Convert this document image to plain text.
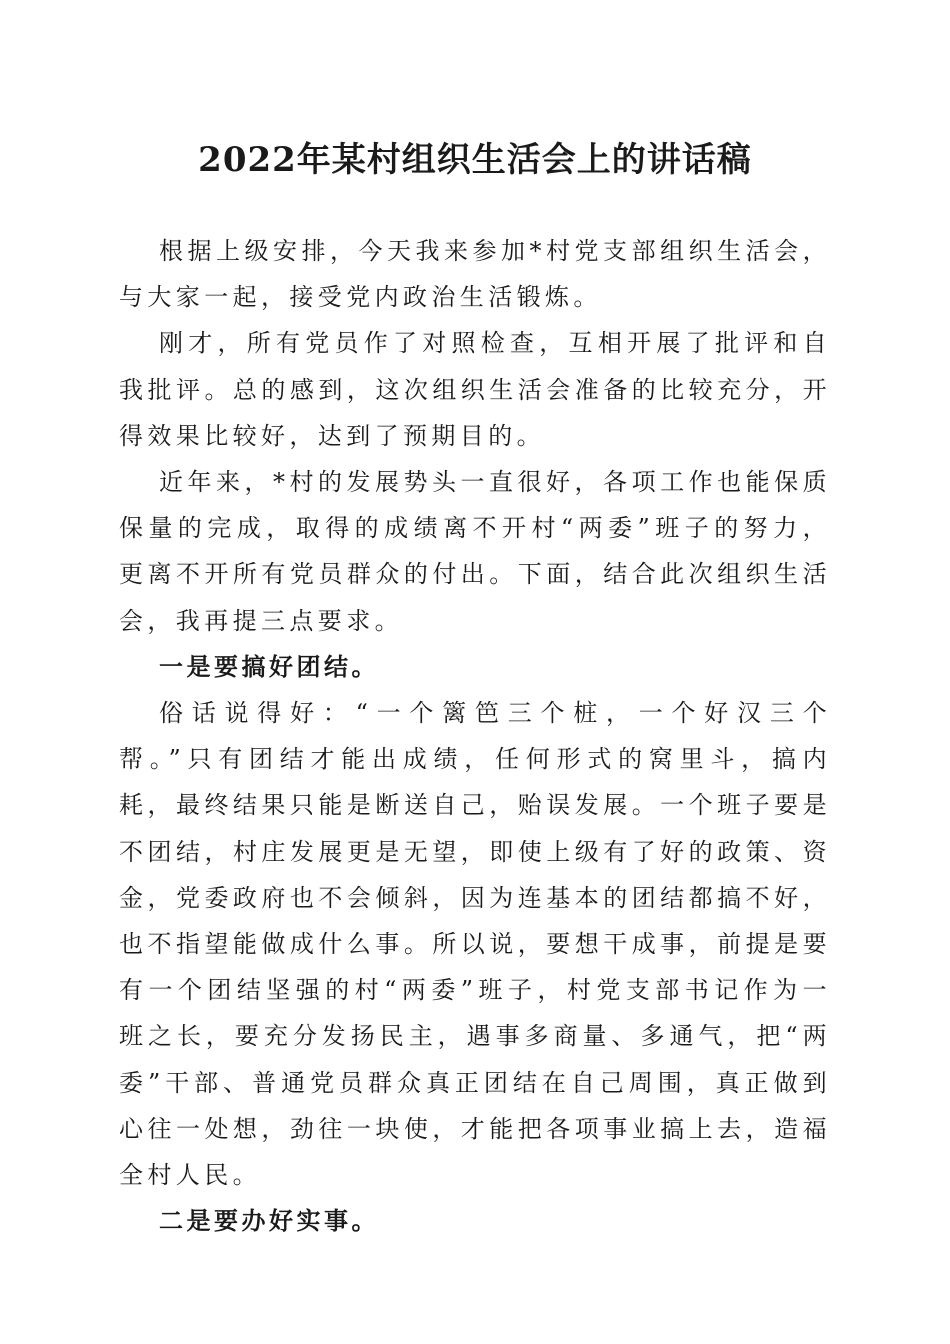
2022年某村组织生活会上的讲话稿

根据上级安排，今天我来参加*村党支部组织生活会，与大家一起，接受党内政治生活锻炼。

刚才，所有党员作了对照检查，互相开展了批评和自我批评。总的感到，这次组织生活会准备的比较充分，开得效果比较好，达到了预期目的。

近年来，*村的发展势头一直很好，各项工作也能保质保量的完成，取得的成绩离不开村“两委”班子的努力，更离不开所有党员群众的付出。下面，结合此次组织生活会，我再提三点要求。

一是要搞好团结。

俗话说得好：“一个篱笆三个桩，一个好汉三个帮。”只有团结才能出成绩，任何形式的窝里斗，搞内耗，最终结果只能是断送自己，贻误发展。一个班子要是不团结，村庄发展更是无望，即使上级有了好的政策、资金，党委政府也不会倾斜，因为连基本的团结都搞不好，也不指望能做成什么事。所以说，要想干成事，前提是要有一个团结坚强的村“两委”班子，村党支部书记作为一班之长，要充分发扬民主，遇事多商量、多通气，把“两委”干部、普通党员群众真正团结在自己周围，真正做到心往一处想，劲往一块使，才能把各项事业搞上去，造福全村人民。

二是要办好实事。
